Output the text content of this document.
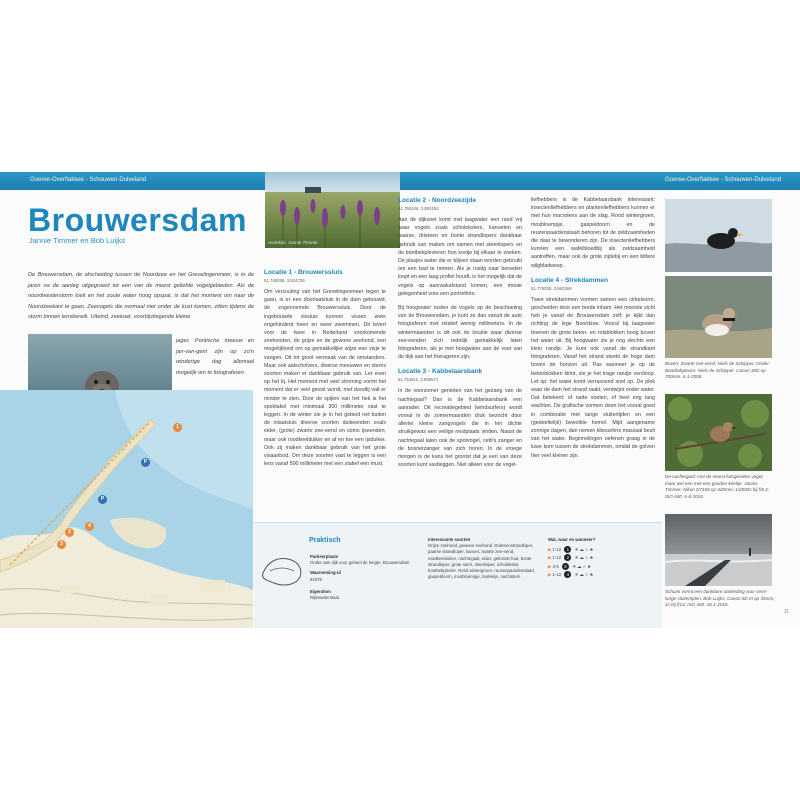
Goeree-Overflakkee - Schouwen-Duiveland	Goeree-Overflakkee - Schouwen-Duiveland
Harlekijn. Jannie Timmer
Brouwersdam
Jannie Timmer en Bob Luijks
De Brouwersdam, de afscheiding tussen de Noordzee en het Grevelingenmeer, is in de jaren na de aanleg uitgegroeid tot een van de meest geliefde vogelgebieden. Als de noordwesterstorm loeit en het zoute water hoog opspat, is dat het moment om naar de Noordzeekant te gaan. Zeevogels die normaal niet onder de kust komen, zitten tijdens de storm binnen lensbereik. Uiteind, zeekoet, voorbijvliegende kleine
jager, Pontische meeuw en jan-van-gent zijn op zo'n winderige dag allemaal mogelijk om te fotograferen.
1
P
P
2
3
4
Locatie 1 - Brouwerssluis
51.748268, 3.824736

Om verzouting van het Grevelingenmeer tegen te gaan, is er een doorlaatsluis in de dam gebouwd, de zogenoemde Brouwerssluis. Door de ingebouwde vissluis kunnen vissen weer ongehinderd heen en weer zwemmen. Dit levert voor de twee in Nederland voorkomende zeehonden, de grijze en de gewone zeehond, een mogelijkheid om op gemakkelijke wijze een visje te vangen. Dit tot groot vermaak van de omstanders. Maar ook aalscholvers, diverse meeuwen en sterns soorten maken er dankbaar gebruik van. Let even op het tij. Het moment met veel stroming vormt het moment dat er veel gevist wordt, met doodtij valt er minder te zien. Door de spijlen van het hek is het spektakel met minimaal 300 millimeter vast te leggen. In de winter zie je in het gebied net buiten de inlaatsluis diverse soorten duikeenden zoals eider, (grote) zwarte zee-eend en soms ijseenden, maar ook roodkeelduiker en af en toe een ijsduiker. Ook zij maken dankbaar gebruik van het grote visaanbod. Om deze soorten vast te leggen is een lens vanaf 500 millimeter met een statief een must.

Locatie 2 - Noordzeezijde
51.755106, 3.893192

Aan de dijkvoet komt met laagwater een rand vrij waar vogels zoals scholeksters, kanoeten en paarse, drieteen en bonte strandlopers dankbaar gebruik van maken om samen met steenlopers en de bontbekplevieren hun kostje bij elkaar te zoeken. De plasjes water die er blijven staan worden gebruikt om een bad te nemen. Als je rustig naar beneden loopt en een laag profiel houdt, is het mogelijk dat de vogels op aanraakafstand komen, een mooie gelegenheid voor een portretfoto.

Bij hoogwater rusten de vogels op de beschoeiing van de Brouwersdam, je kunt ze dan vanuit de auto fotograferen met relatief weinig millimeters. In de wintermaanden is dit ook de locatie waar diverse zee-eenden zich redelijk gemakkelijk laten fotograferen, als je met hoogwater aan de voet van de dijk aan het foerageren zijn.

Locatie 3 - Kabbelaarsbank
51.754811, 3.899571

In de voorzomer genieten van het gezang van de nachtegaal? Dan is de Kabbelaarsbank een aanrader. Dit recreatiegebied (windsurfers) wordt vooral in de zomermaanden druk bezocht door allerlei kleine zangvogels die in het dichte struikgewas een veilige nestplaats vinden. Naast de nachtegaal laten ook de spotvogel, cetti's zanger en de bosrietzanger van zich horen. In de vroege morgen is de kans het grootst dat je een van deze soorten kunt vastleggen. Niet alleen voor de vogel-

liefhebbers is de Kabbelaarsbank interessant; insectenliefhebbers en plantenliefhebbers kunnen er met hun macrolens aan de slag. Rond wintergroen, mosbloempje, gaspeldoorn en de reuzenpaardenstaart behoren tot de zeldzaamheden die daar te bewonderen zijn. De insectenliefhebbers kunnen een wafelbloedbij als zeldzaamheid aantreffen, maar ook de grote zijdebij en een bittere wilgbladwesp.

Locatie 4 - Strekdammen
51.776035, 3.863369

Twee strekdammen vormen samen een cirkelvorm, gescheiden door een brede inham. Het mooiste zicht heb je vanaf de Brouwersdam zelf; je kijkt dan richting de lege Noordzee. Vooral bij laagwater troenen de grote beton- en rotsblokken hoog boven het water uit. Bij hoogwater zie je nog slechts een klein randje. Je kunt ook vanaf de strandkant fotograferen. Vanaf het strand steekt de hoge dam boven de horizon uit. Pas wanneer je op de betonblokken klimt, zie je het trage randje vervloop. Let op: het water komt verrassend snel op. De plek waar de dam het strand raakt, verdwijnt onder water. Dat betekent: of natte voeten, of heel eng lang wachten. De grafische vormen doen het vooral goed in combinatie met lange sluitertijden en een (gedeeltelijk) bewolkte hemel. Mijd aangename zonnige dagen, dan nemen kitesurfers massaal bezit van het water. Beginnelingen oefenen graag in de luwe kom tussen de strekdammen, omdat de golven hier veel kleiner zijn.

Boven: Zwarte zee-eend. Niels de Schipper. Onder: Bontbekplevier. Niels de Schipper. Canon 30D op 700mm. 6-1-2008.
De nachtegaal: met de meest fotogenieke vogel, maar wel een met een gouden keeltje. Jannie Timmer; Nikon D7100 op 420mm; 1/2500s bij f/8.3; ISO 640. 6-6-2016.
Schuim vormt een dankbare aanleiding voor semi-lange sluitertijden. Bob Luijks; Canon 5D III op 35mm; 1s bij f/14; ISO 400. 18-1-2016.
11
Praktisch
Parkeerplaats
Onder aan dijk voor geheel de lengte, Brouwersdam
Waarneming-id
91076
Eigendom
Rijkswaterstaat
Interessante soorten
Grijze zeehond, gewone zeehond. Drieteenstrandloper, paarse strandloper, kanoet, zwarte zee-eend, roodkeelduiker, nachtegaal, eider, gekonde fuut, bonte strandloper, grote stern, steenloper, scholekster, bontbekplevier. Rond wintergroen, reuzenpaardenstaart, gaspeldoorn, mosbloempje, harlekijn, nachtstern
Wat, waar en wanneer?
▶ 1-12 1 ☀☁☆★
▶ 1-12 2 ☀☁☆★
▶ 3-6 3 ☀☁☆★
▶ 1-12 4 ☀☁☆★
